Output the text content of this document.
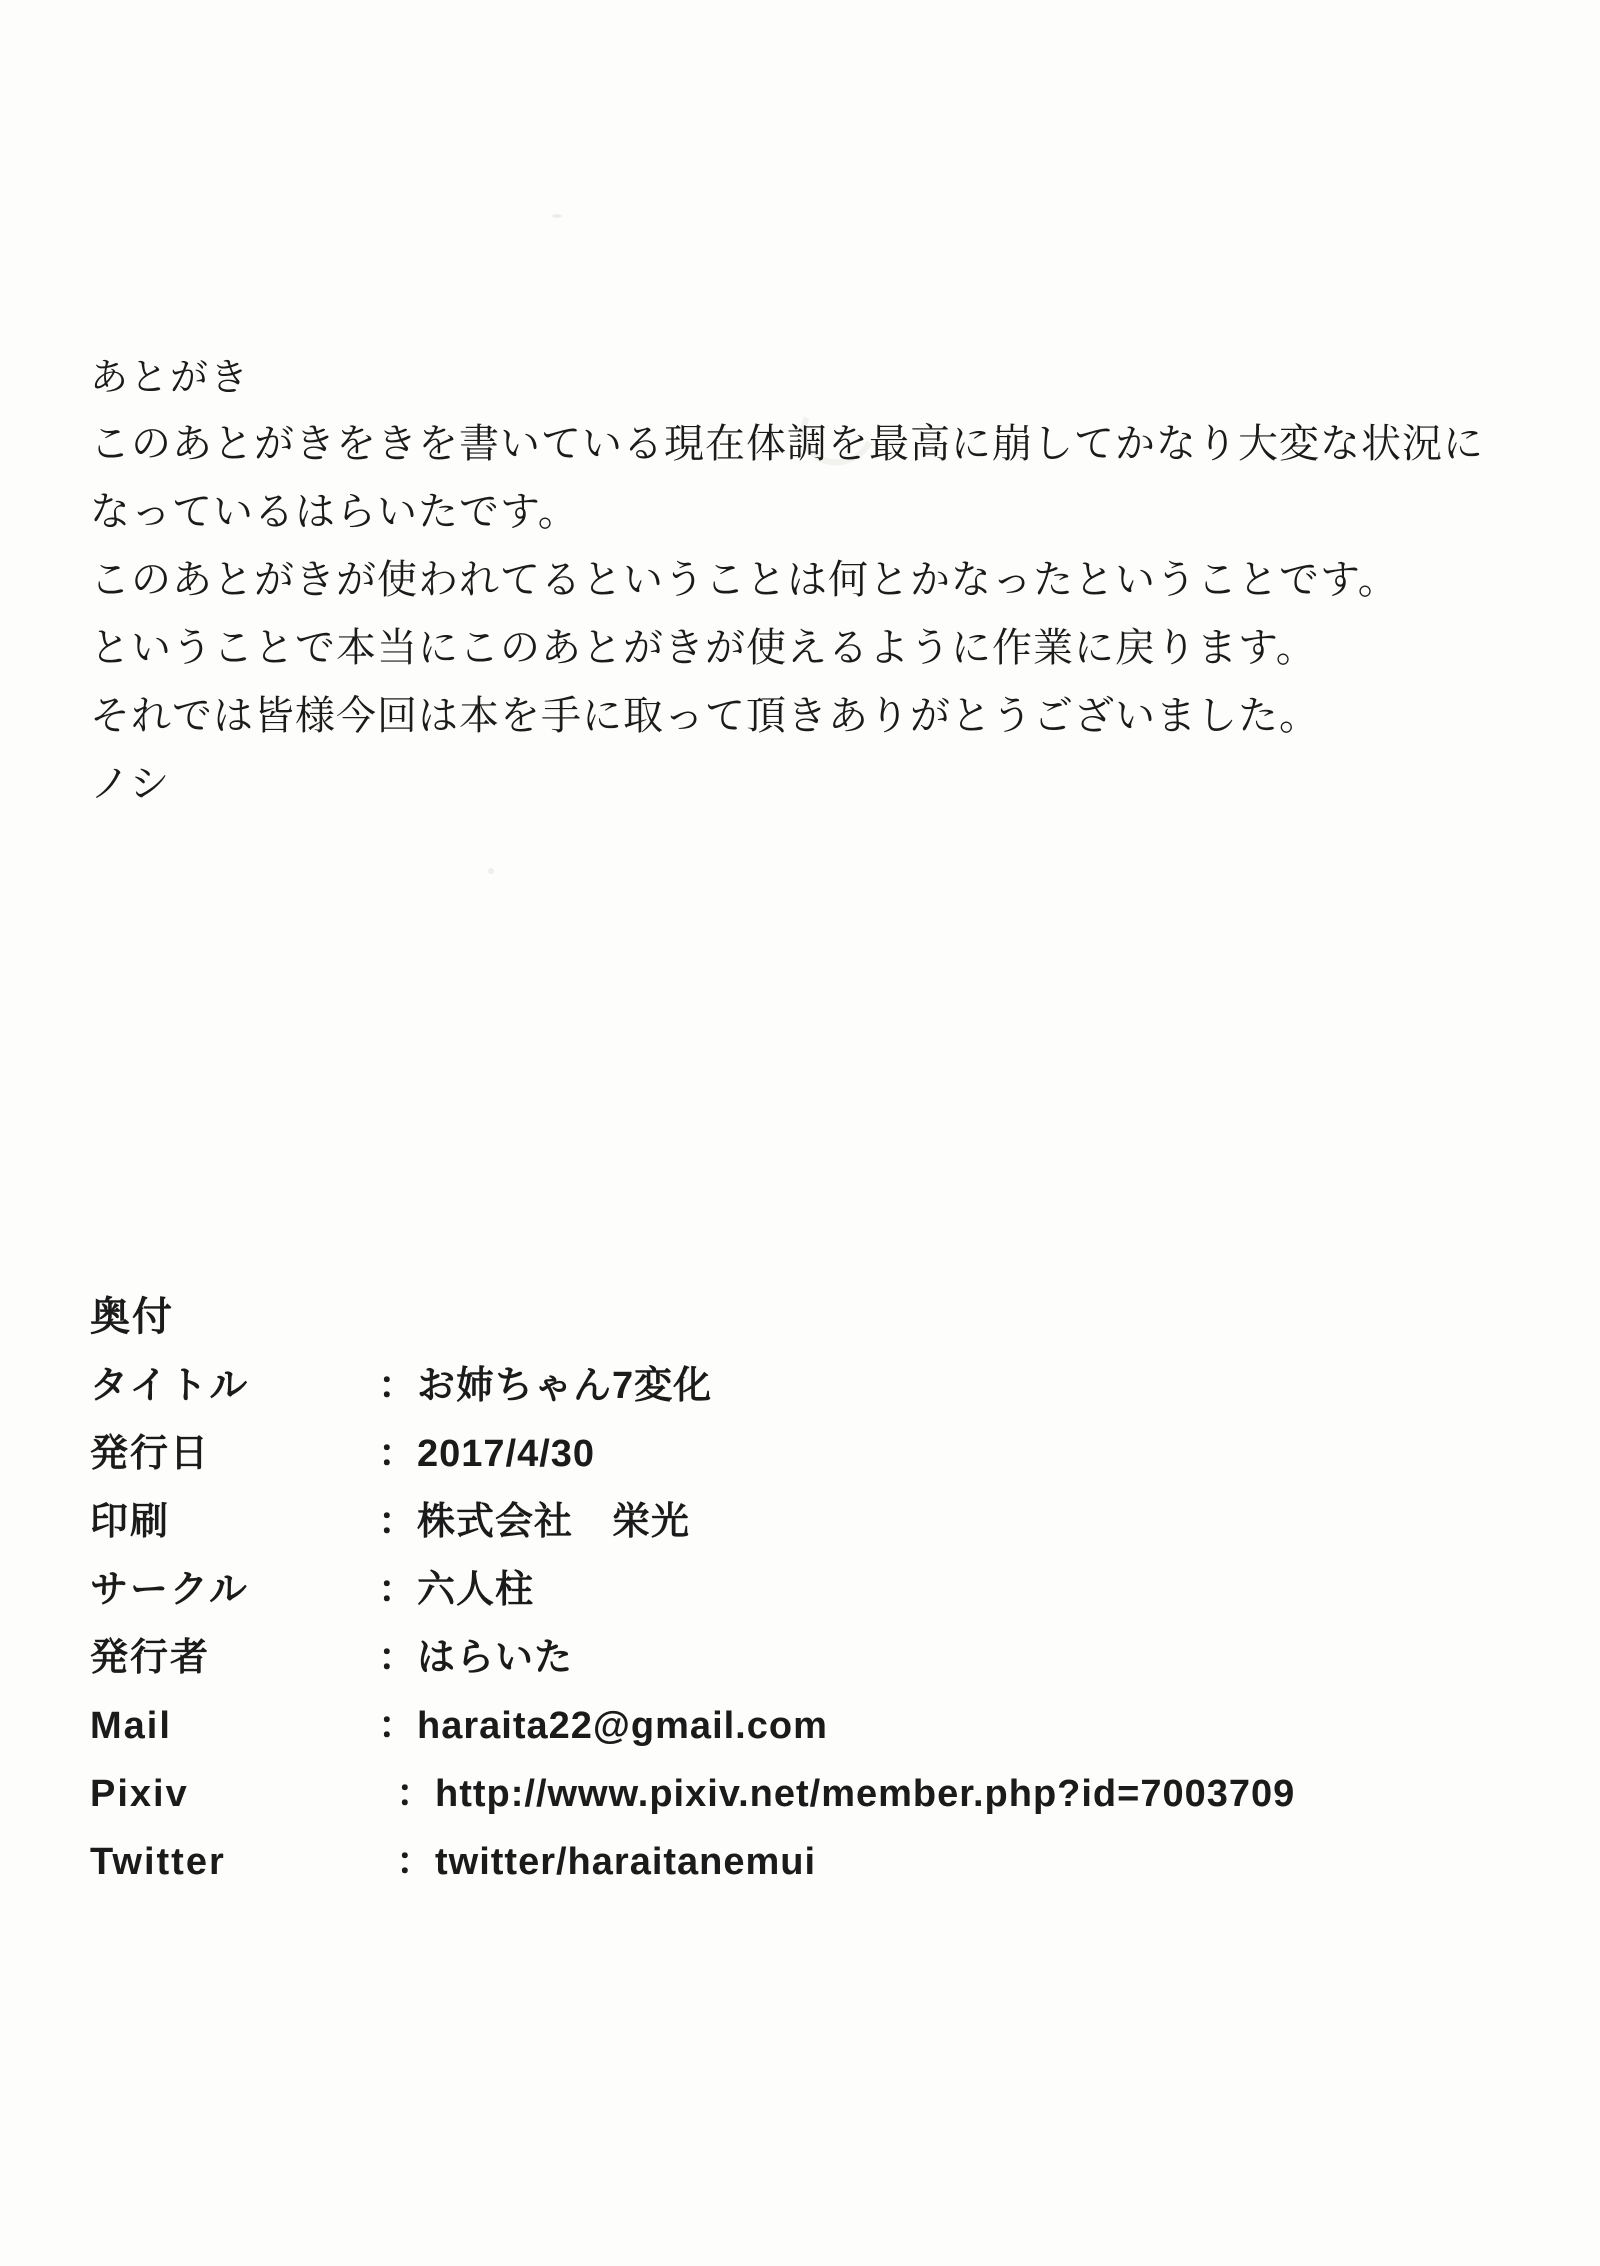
あとがき
このあとがきをきを書いている現在体調を最高に崩してかなり大変な状況に
なっているはらいたです。
このあとがきが使われてるということは何とかなったということです。
ということで本当にこのあとがきが使えるように作業に戻ります。
それでは皆様今回は本を手に取って頂きありがとうございました。
ノシ
奥付
タイトル	：お姉ちゃん7変化
発行日	：2017/4/30
印刷	：株式会社　栄光
サークル	：六人柱
発行者	：はらいた
Mail	：haraita22@gmail.com
Pixiv	：http://www.pixiv.net/member.php?id=7003709
Twitter	：twitter/haraitanemui
